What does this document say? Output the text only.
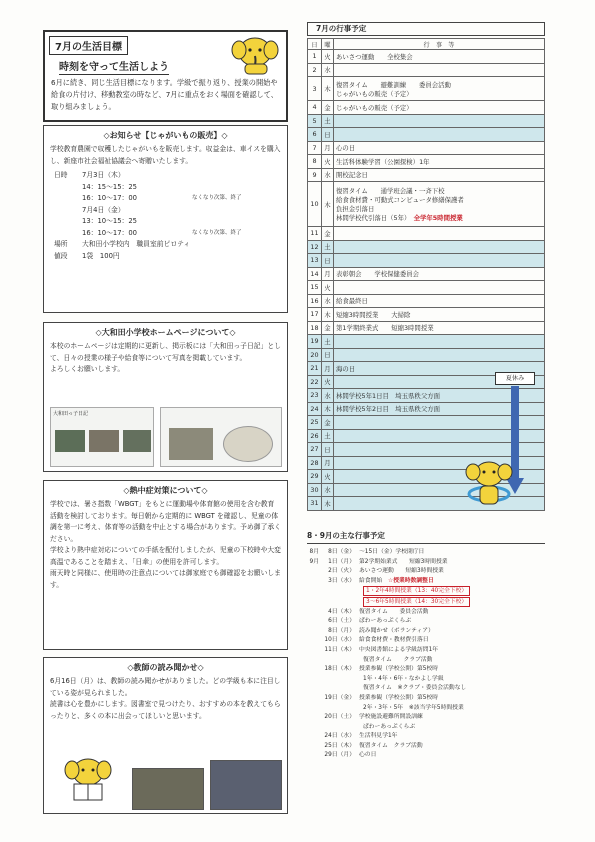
7月の生活目標
時刻を守って生活しよう
6月に続き、同じ生活目標になります。学級で振り返り、授業の開始や給食の片付け、移動教室の時など、7月に重点をおく場面を確認して、取り組みましょう。
◇お知らせ【じゃがいもの販売】◇
学校教育農園で収穫したじゃがいもを販売します。収益金は、車イスを購入し、新座市社会福祉協議会へ寄贈いたします。
日時	7月3日（木）
14：15～15：25
16：10～17：00	なくなり次第、終了
7月4日（金）
13：10～15：25
16：10～17：00	なくなり次第、終了
場所	大和田小学校内　職員室前ピロティ
値段	1袋　100円
◇大和田小学校ホームページについて◇
本校のホームページは定期的に更新し、掲示板には「大和田っ子日記」として、日々の授業の様子や給食等について写真を掲載しています。
よろしくお願いします。
大和田っ子日記
◇熱中症対策について◇
学校では、暑さ指数「WBGT」をもとに運動場や体育館の使用を含む教育活動を検討しております。毎日朝から定期的に WBGT を確認し、児童の体調を第一に考え、体育等の活動を中止とする場合があります。予め御了承ください。
学校より熱中症対応についての手紙を配付しましたが、児童の下校時や大変高温であることを踏まえ、「日傘」の使用を許可します。
雨天時と同様に、使用時の注意点については御家庭でも御確認をお願いします。
◇教師の読み聞かせ◇
6月16日（月）は、教師の読み聞かせがありました。どの学級も本に注目している姿が見られました。
読書は心を豊かにします。図書室で見つけたり、おすすめの本を教えてもらったりと、多くの本に出会ってほしいと思います。
7月の行事予定
日	曜	行　事　等
1	火	あいさつ運動　　全校集会
2	水	
3	木	復習タイム　　避難訓練　　委員会活動
じゃがいもの販売（予定）
4	金	じゃがいもの販売（予定）
5	土	
6	日	
7	月	心の日
8	火	生活科体験学習（公園探検）1年
9	水	開校記念日
10	木	復習タイム　　通学班会議・一斉下校
給食食材費・可動式コンピュータ修繕保護者
負担金引落日
林間学校代引落日（5年）　 全学年5時間授業
11	金	
12	土	
13	日	
14	月	表彰朝会　　学校保健委員会
15	火	
16	水	給食最終日
17	木	短縮3時間授業　　大掃除
18	金	第1学期終業式　　短縮3時間授業
19	土	
20	日	
21	月	海の日
22	火	
23	水	林間学校5年1日目　埼玉県秩父方面
24	木	林間学校5年2日目　埼玉県秩父方面
25	金	
26	土	
27	日	
28	月	
29	火	
30	水	
31	木	
夏休み
8・9月の主な行事予定
8月	8日（金） ～15日（金）学校閉庁日
9月	1日（月） 第2学期始業式　　短縮3時間授業
2日（火） あいさつ運動　　短縮3時間授業
3日（水） 給食開始　☆授業時数調整日
1・2年4時間授業（13：40完全下校）
3～6年5時間授業（14：30完全下校）
4日（木） 復習タイム　　委員会活動
6日（土） ぱわーあっぷくらぶ
8日（月） 読み聞かせ（ボランティア）
10日（水） 給食食材費・教材費引落日
11日（木） 中央図書館による学級訪問1年
復習タイム　　クラブ活動
18日（木） 授業参観（学校公開）第5校時
1年・4年・6年・なかよし学級
復習タイム　※クラブ・委員会活動なし
19日（金） 授業参観（学校公開）第5校時
2年・3年・5年　※該当学年5時間授業
20日（土） 学校施設避難所開設訓練
ぱわーあっぷくらぶ
24日（水） 生活科見学1年
25日（木） 復習タイム　クラブ活動
29日（月） 心の日
